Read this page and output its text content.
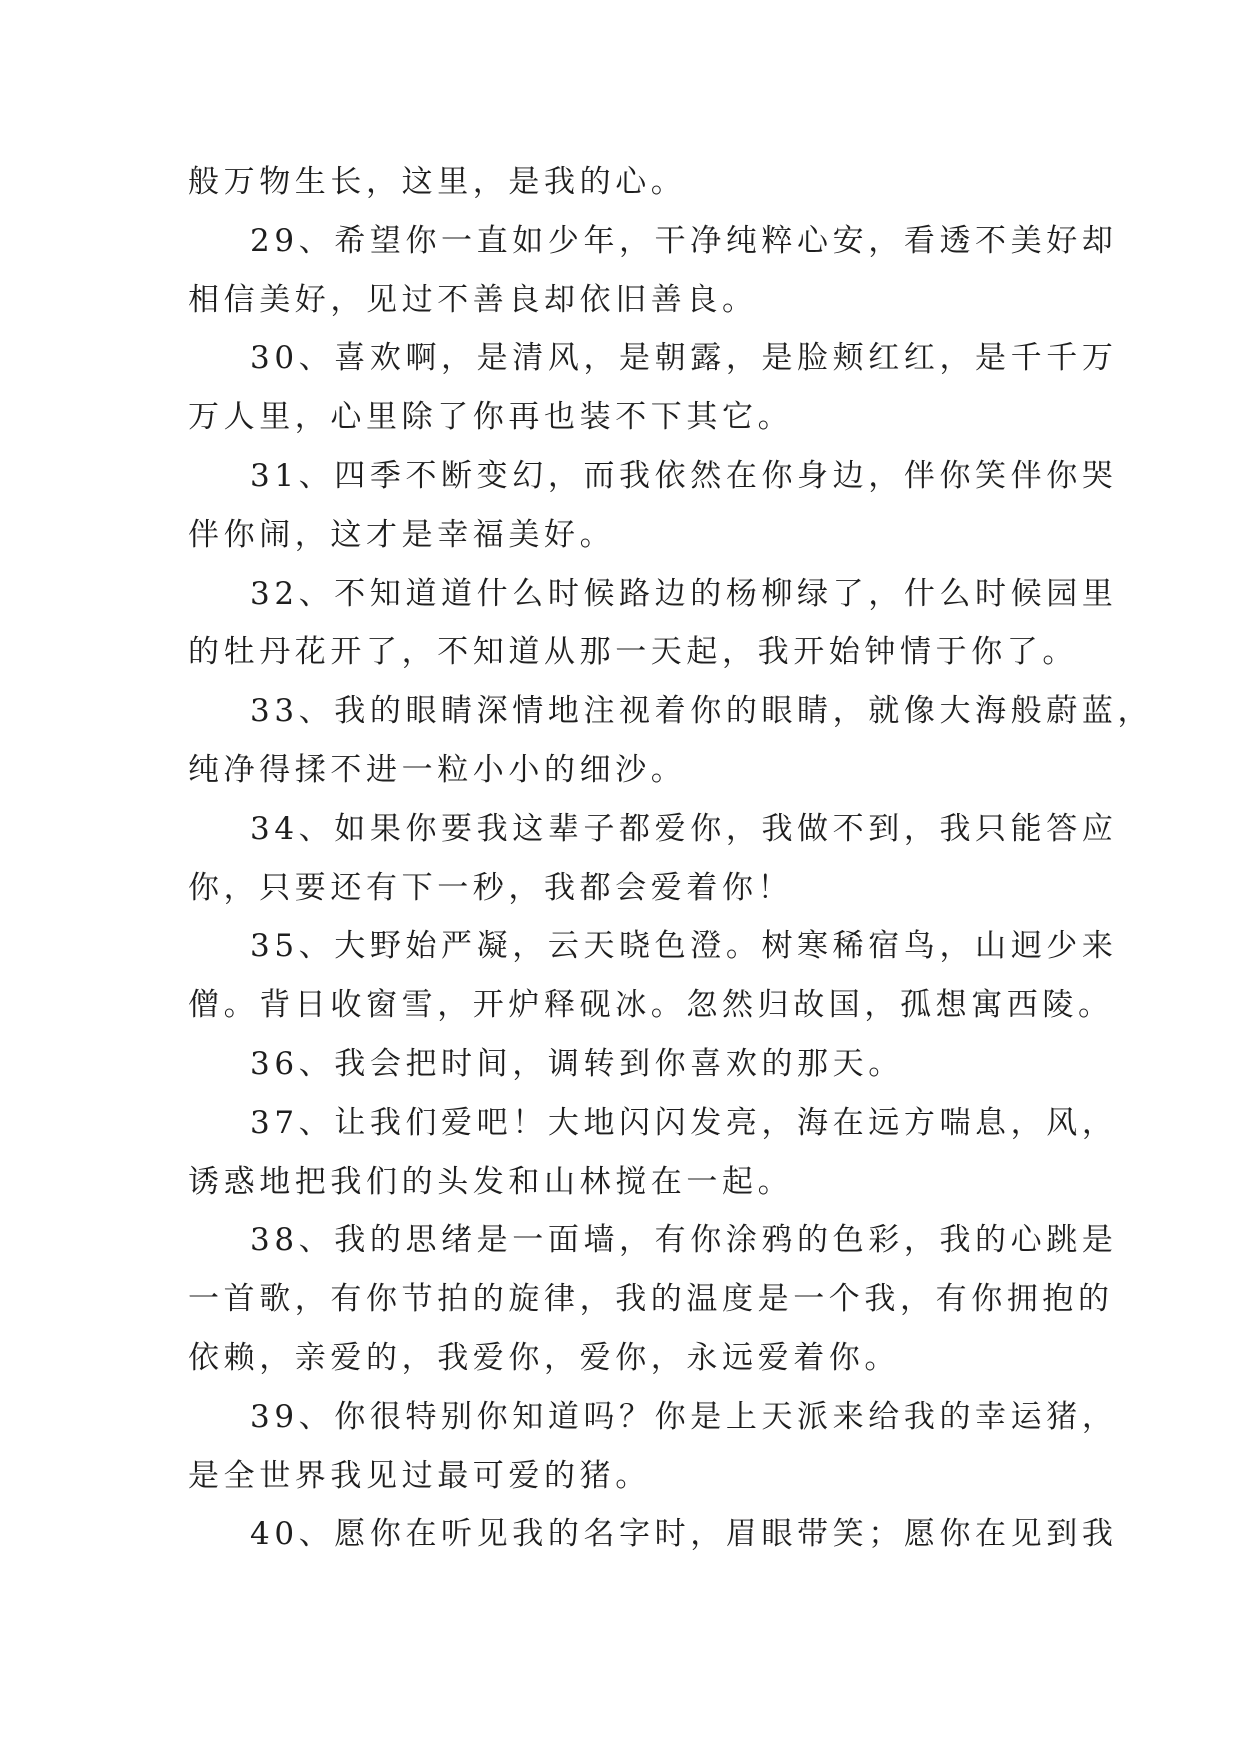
般万物生长，这里，是我的心。
29、希望你一直如少年，干净纯粹心安，看透不美好却
相信美好，见过不善良却依旧善良。
30、喜欢啊，是清风，是朝露，是脸颊红红，是千千万
万人里，心里除了你再也装不下其它。
31、四季不断变幻，而我依然在你身边，伴你笑伴你哭
伴你闹，这才是幸福美好。
32、不知道道什么时候路边的杨柳绿了，什么时候园里
的牡丹花开了，不知道从那一天起，我开始钟情于你了。
33、我的眼睛深情地注视着你的眼睛，就像大海般蔚蓝，
纯净得揉不进一粒小小的细沙。
34、如果你要我这辈子都爱你，我做不到，我只能答应
你，只要还有下一秒，我都会爱着你！
35、大野始严凝，云天晓色澄。树寒稀宿鸟，山迥少来
僧。背日收窗雪，开炉释砚冰。忽然归故国，孤想寓西陵。
36、我会把时间，调转到你喜欢的那天。
37、让我们爱吧！大地闪闪发亮，海在远方喘息，风，
诱惑地把我们的头发和山林搅在一起。
38、我的思绪是一面墙，有你涂鸦的色彩，我的心跳是
一首歌，有你节拍的旋律，我的温度是一个我，有你拥抱的
依赖，亲爱的，我爱你，爱你，永远爱着你。
39、你很特别你知道吗？你是上天派来给我的幸运猪，
是全世界我见过最可爱的猪。
40、愿你在听见我的名字时，眉眼带笑；愿你在见到我
